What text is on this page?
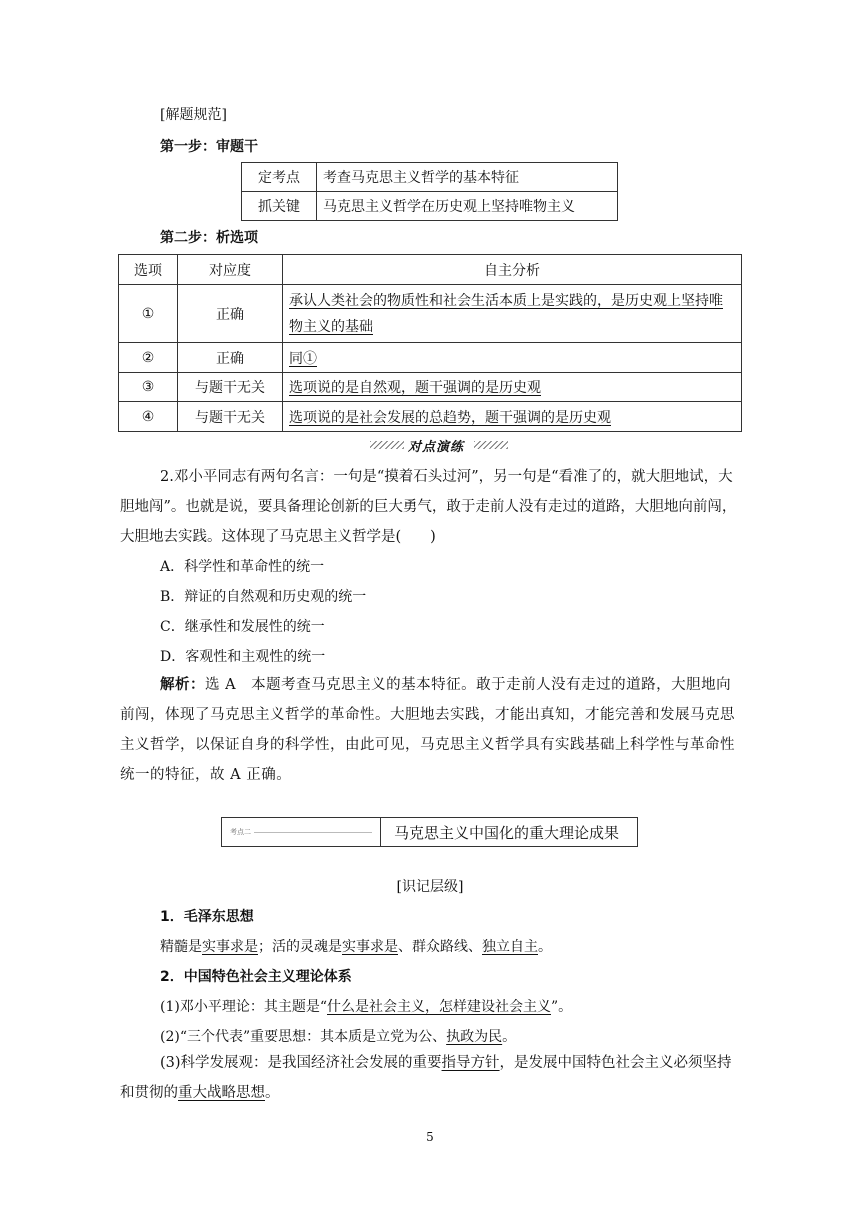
[解题规范]
第一步：审题干
定考点	考查马克思主义哲学的基本特征
抓关键	马克思主义哲学在历史观上坚持唯物主义
第二步：析选项
选项	对应度	自主分析
①	正确	承认人类社会的物质性和社会生活本质上是实践的，是历史观上坚持唯物主义的基础
②	正确	同①
③	与题干无关	选项说的是自然观，题干强调的是历史观
④	与题干无关	选项说的是社会发展的总趋势，题干强调的是历史观
对点演练
2.邓小平同志有两句名言：一句是“摸着石头过河”，另一句是“看准了的，就大胆地试，大胆地闯”。也就是说，要具备理论创新的巨大勇气，敢于走前人没有走过的道路，大胆地向前闯，大胆地去实践。这体现了马克思主义哲学是(　　)
A．科学性和革命性的统一
B．辩证的自然观和历史观的统一
C．继承性和发展性的统一
D．客观性和主观性的统一
解析：选 A　本题考查马克思主义的基本特征。敢于走前人没有走过的道路，大胆地向前闯，体现了马克思主义哲学的革命性。大胆地去实践，才能出真知，才能完善和发展马克思主义哲学，以保证自身的科学性，由此可见，马克思主义哲学具有实践基础上科学性与革命性统一的特征，故 A 正确。
考点二	马克思主义中国化的重大理论成果
[识记层级]
1．毛泽东思想
精髓是实事求是；活的灵魂是实事求是、群众路线、独立自主。
2．中国特色社会主义理论体系
(1)邓小平理论：其主题是“什么是社会主义，怎样建设社会主义”。
(2)“三个代表”重要思想：其本质是立党为公、执政为民。
(3)科学发展观：是我国经济社会发展的重要指导方针，是发展中国特色社会主义必须坚持和贯彻的重大战略思想。
5
